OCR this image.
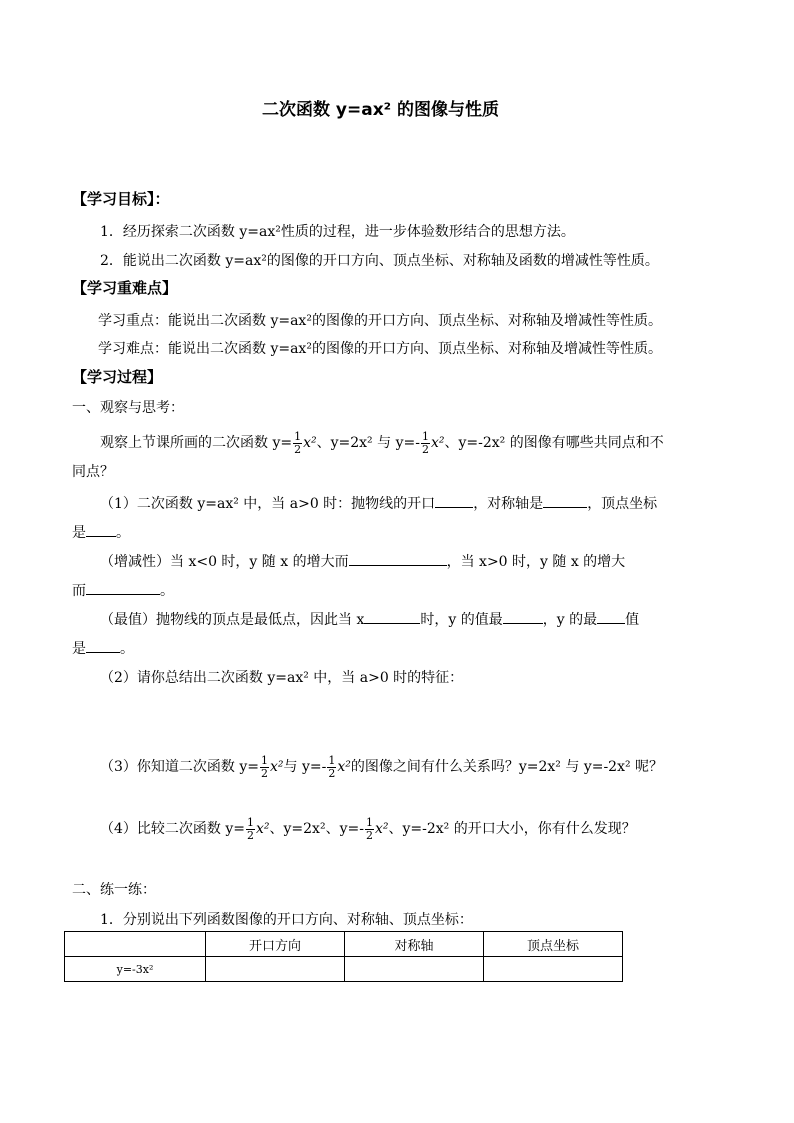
二次函数 y=ax² 的图像与性质
【学习目标】：
1．经历探索二次函数 y=ax²性质的过程，进一步体验数形结合的思想方法。
2．能说出二次函数 y=ax²的图像的开口方向、顶点坐标、对称轴及函数的增减性等性质。
【学习重难点】
学习重点：能说出二次函数 y=ax²的图像的开口方向、顶点坐标、对称轴及增减性等性质。
学习难点：能说出二次函数 y=ax²的图像的开口方向、顶点坐标、对称轴及增减性等性质。
【学习过程】
一、观察与思考：
观察上节课所画的二次函数 $y= \frac{1}{2} x^2$、y=2x² 与 $y=- \frac{1}{2} x^2$、y=-2x² 的图像有哪些共同点和不
同点？
（1）二次函数 y=ax² 中，当 a>0 时：抛物线的开口	，对称轴是	，顶点坐标
是 。
（增减性）当 x<0 时，y 随 x 的增大而	，当 x>0 时，y 随 x 的增大
而	。
（最值）抛物线的顶点是最低点，因此当 x	时，y 的值最	，y 的最 值
是 。
（2）请你总结出二次函数 y=ax² 中，当 a>0 时的特征：
（3）你知道二次函数 $y= \frac{1}{2} x^2$与 $y=- \frac{1}{2} x^2$的图像之间有什么关系吗？y=2x² 与 y=-2x² 呢？
（4）比较二次函数 $y= \frac{1}{2} x^2$、y=2x²、$y=- \frac{1}{2} x^2$、y=-2x² 的开口大小，你有什么发现？
二、练一练：
1．分别说出下列函数图像的开口方向、对称轴、顶点坐标：
	开口方向	对称轴	顶点坐标
y=-3x²			
